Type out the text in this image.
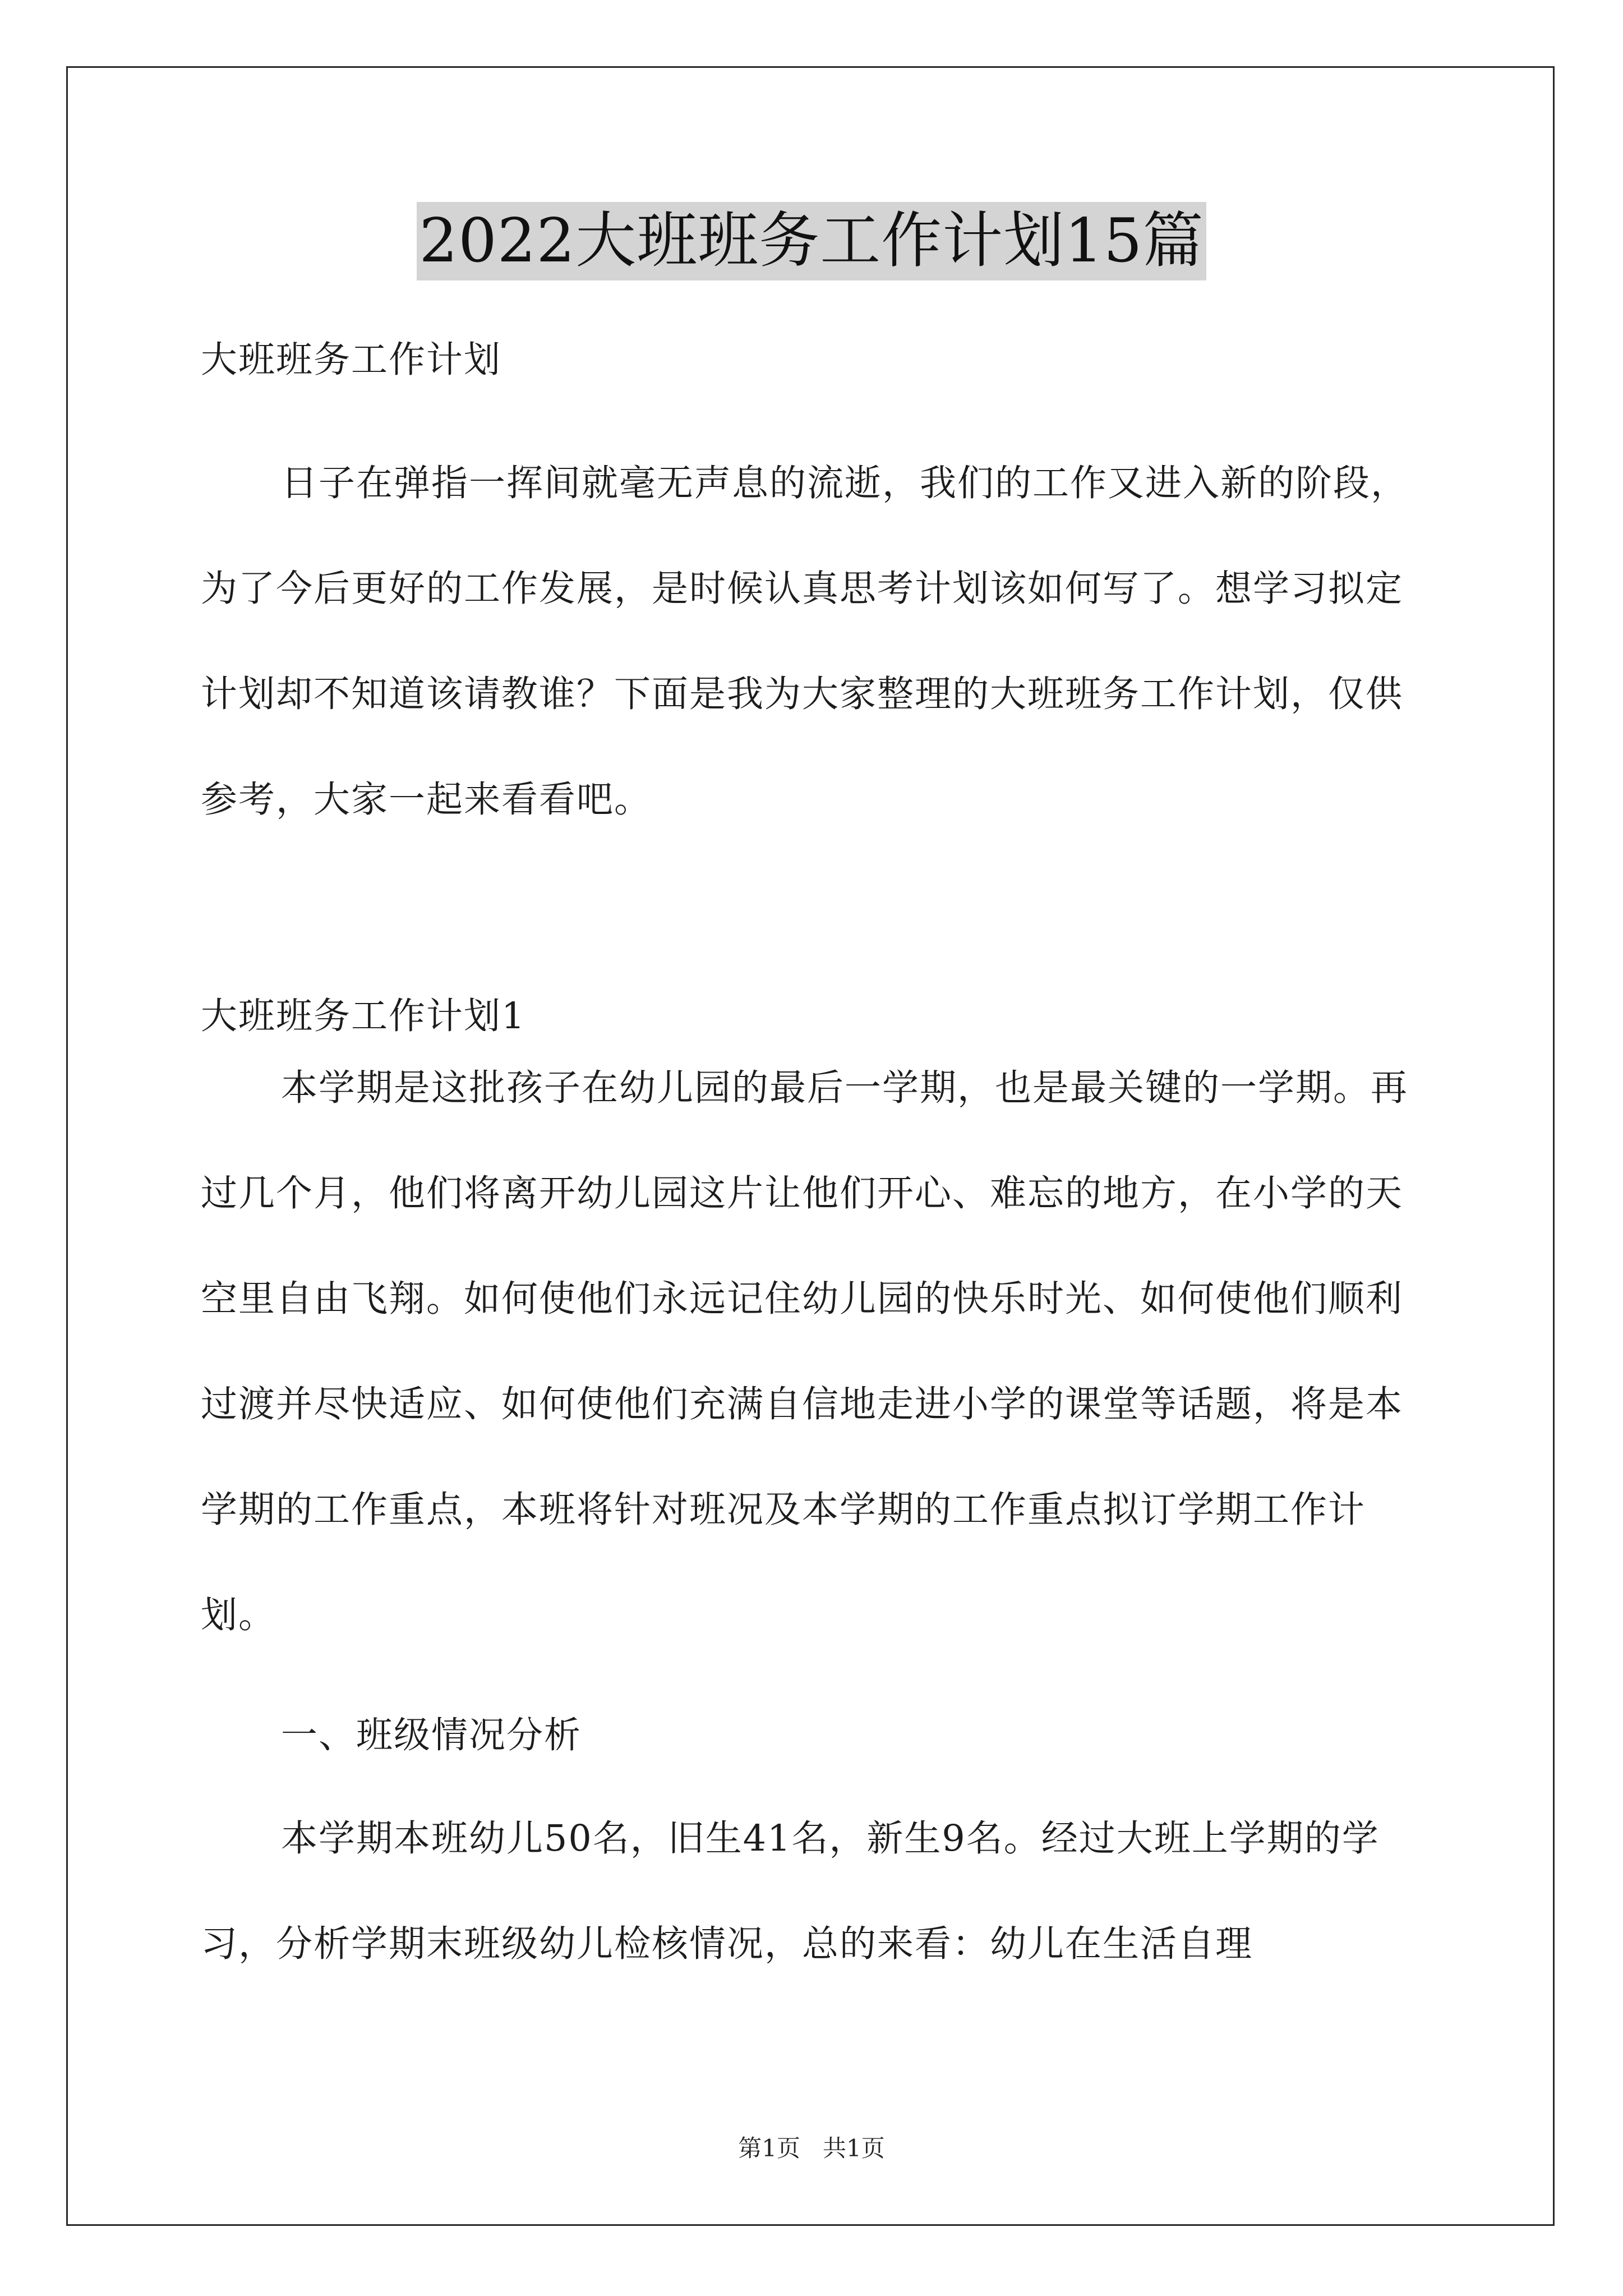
2022大班班务工作计划15篇

大班班务工作计划

日子在弹指一挥间就毫无声息的流逝，我们的工作又进入新的阶段，为了今后更好的工作发展，是时候认真思考计划该如何写了。想学习拟定计划却不知道该请教谁？下面是我为大家整理的大班班务工作计划，仅供参考，大家一起来看看吧。

大班班务工作计划1

本学期是这批孩子在幼儿园的最后一学期，也是最关键的一学期。再过几个月，他们将离开幼儿园这片让他们开心、难忘的地方，在小学的天空里自由飞翔。如何使他们永远记住幼儿园的快乐时光、如何使他们顺利过渡并尽快适应、如何使他们充满自信地走进小学的课堂等话题，将是本学期的工作重点，本班将针对班况及本学期的工作重点拟订学期工作计划。

一、班级情况分析

本学期本班幼儿50名，旧生41名，新生9名。经过大班上学期的学习，分析学期末班级幼儿检核情况，总的来看：幼儿在生活自理

第1页 共1页
